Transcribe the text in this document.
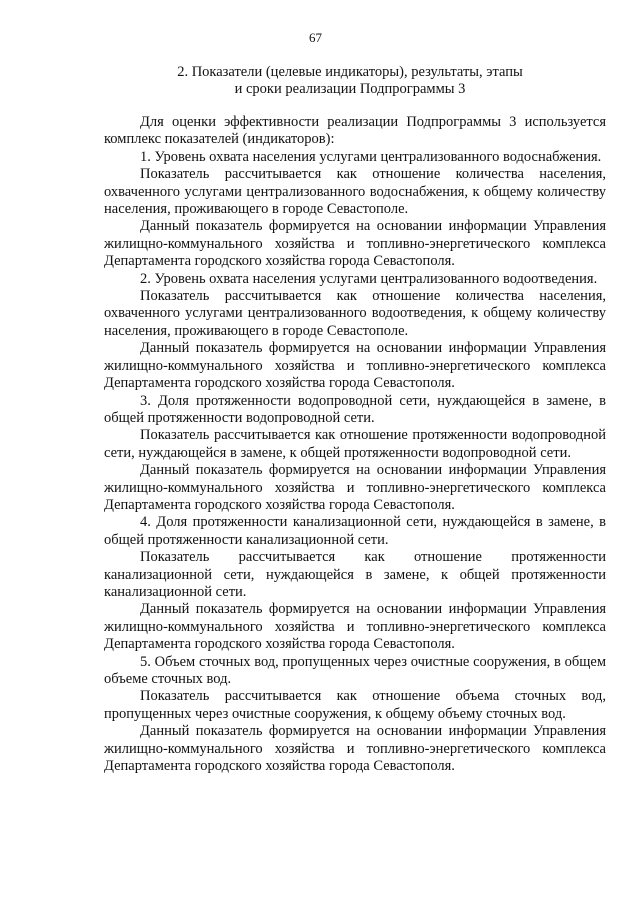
67
2. Показатели (целевые индикаторы), результаты, этапы
и сроки реализации Подпрограммы 3

Для оценки эффективности реализации Подпрограммы 3 используется комплекс показателей (индикаторов):

1. Уровень охвата населения услугами централизованного водоснабжения.

Показатель рассчитывается как отношение количества населения, охваченного услугами централизованного водоснабжения, к общему количеству населения, проживающего в городе Севастополе.

Данный показатель формируется на основании информации Управления жилищно-коммунального хозяйства и топливно-энергетического комплекса Департамента городского хозяйства города Севастополя.

2. Уровень охвата населения услугами централизованного водоотведения.

Показатель рассчитывается как отношение количества населения, охваченного услугами централизованного водоотведения, к общему количеству населения, проживающего в городе Севастополе.

Данный показатель формируется на основании информации Управления жилищно-коммунального хозяйства и топливно-энергетического комплекса Департамента городского хозяйства города Севастополя.

3. Доля протяженности водопроводной сети, нуждающейся в замене, в общей протяженности водопроводной сети.

Показатель рассчитывается как отношение протяженности водопроводной сети, нуждающейся в замене, к общей протяженности водопроводной сети.

Данный показатель формируется на основании информации Управления жилищно-коммунального хозяйства и топливно-энергетического комплекса Департамента городского хозяйства города Севастополя.

4. Доля протяженности канализационной сети, нуждающейся в замене, в общей протяженности канализационной сети.

Показатель рассчитывается как отношение протяженности канализационной сети, нуждающейся в замене, к общей протяженности канализационной сети.

Данный показатель формируется на основании информации Управления жилищно-коммунального хозяйства и топливно-энергетического комплекса Департамента городского хозяйства города Севастополя.

5. Объем сточных вод, пропущенных через очистные сооружения, в общем объеме сточных вод.

Показатель рассчитывается как отношение объема сточных вод, пропущенных через очистные сооружения, к общему объему сточных вод.

Данный показатель формируется на основании информации Управления жилищно-коммунального хозяйства и топливно-энергетического комплекса Департамента городского хозяйства города Севастополя.
